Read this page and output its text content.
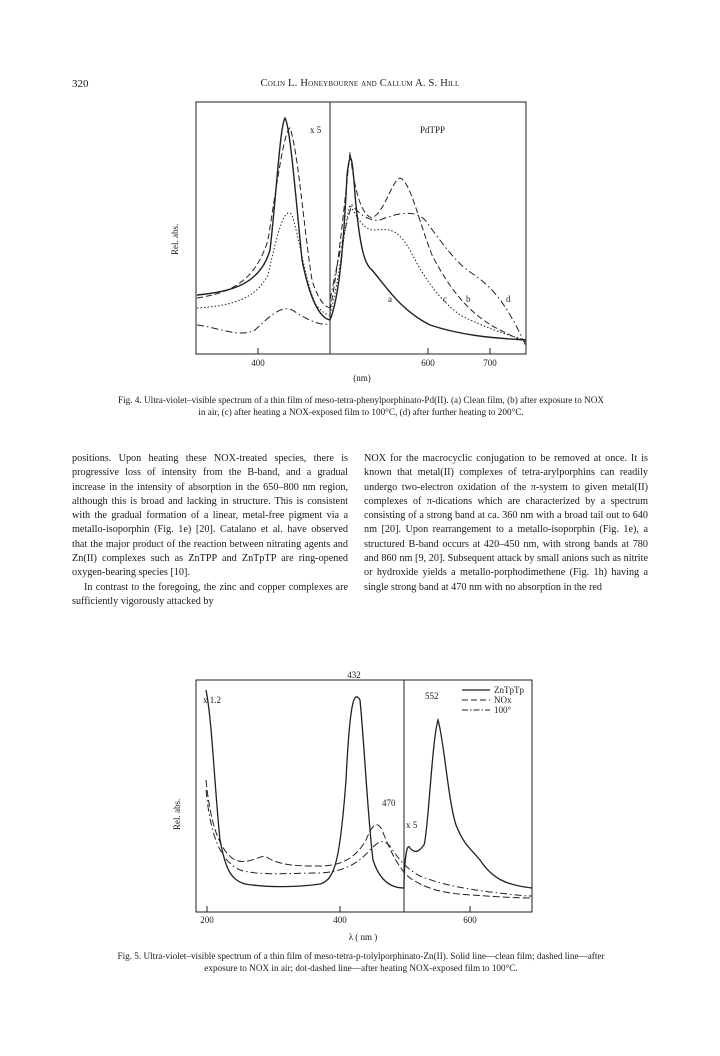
320	Colin L. Honeybourne and Callum A. S. Hill
Rel. abs.
x 5	PdTPP
a	c b	d
400	600	700
(nm)
Fig. 4. Ultra-violet–visible spectrum of a thin film of meso-tetra-phenylporphinato-Pd(II). (a) Clean film, (b) after exposure to NOX in air, (c) after heating a NOX-exposed film to 100°C, (d) after further heating to 200°C.

positions. Upon heating these NOX-treated species, there is progressive loss of intensity from the B-band, and a gradual increase in the intensity of absorption in the 650–800 nm region, although this is broad and lacking in structure. This is consistent with the gradual formation of a linear, metal-free pigment via a metallo-isoporphin (Fig. 1e) [20]. Catalano et al. have observed that the major product of the reaction between nitrating agents and Zn(II) complexes such as ZnTPP and ZnTpTP are ring-opened oxygen-bearing species [10].

In contrast to the foregoing, the zinc and copper complexes are sufficiently vigorously attacked by

NOX for the macrocyclic conjugation to be removed at once. It is known that metal(II) complexes of tetra-arylporphins can readily undergo two-electron oxidation of the π-system to given metal(II) complexes of π-dications which are characterized by a spectrum consisting of a strong band at ca. 360 nm with a broad tail out to 640 nm [20]. Upon rearrangement to a metallo-isoporphin (Fig. 1e), a structured B-band occurs at 420–450 nm, with strong bands at 780 and 860 nm [9, 20]. Subsequent attack by small anions such as nitrite or hydroxide yields a metallo-porphodimethene (Fig. 1h) having a single strong band at 470 nm with no absorption in the red

Rel. abs.
x 1.2
x 5
432
470
552
ZnTpTp
NOx
100°
200	400	600
λ ( nm )
Fig. 5. Ultra-violet–visible spectrum of a thin film of meso-tetra-p-tolylporphinato-Zn(II). Solid line—clean film; dashed line—after exposure to NOX in air; dot-dashed line—after heating NOX-exposed film to 100°C.
